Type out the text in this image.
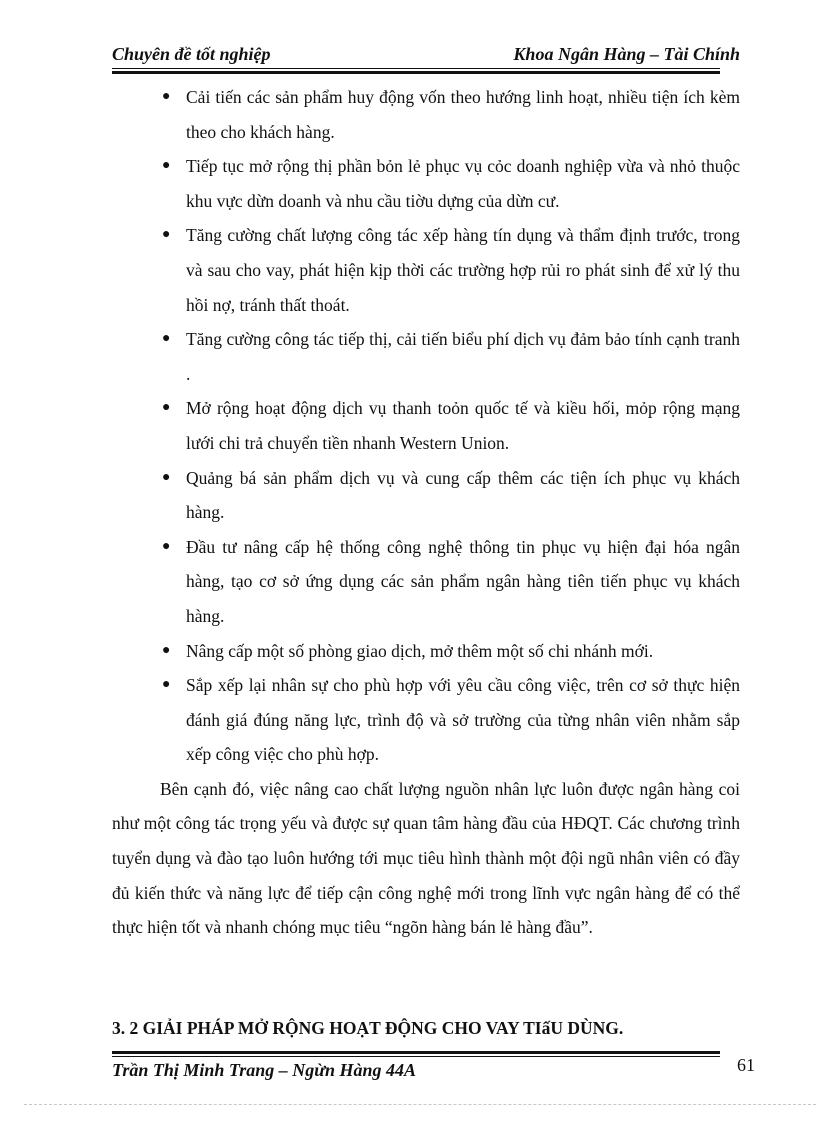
Chuyên đề tốt nghiệp	Khoa Ngân Hàng – Tài Chính
● Cải tiến các sản phẩm huy động vốn theo hướng linh hoạt, nhiều tiện ích kèm theo cho khách hàng.
● Tiếp tục mở rộng thị phần bỏn lẻ phục vụ cỏc doanh nghiệp vừa và nhỏ thuộc khu vực dừn doanh và nhu cầu tiờu dựng của dừn cư.
● Tăng cường chất lượng công tác xếp hàng tín dụng và thẩm định trước, trong và sau cho vay, phát hiện kịp thời các trường hợp rủi ro phát sinh để xử lý thu hồi nợ, tránh thất thoát.
● Tăng cường công tác tiếp thị, cải tiến biểu phí dịch vụ đảm bảo tính cạnh tranh .
● Mở rộng hoạt động dịch vụ thanh toỏn quốc tế và kiều hối, mỏp rộng mạng lưới chi trả chuyển tiền nhanh Western Union.
● Quảng bá sản phẩm dịch vụ và cung cấp thêm các tiện ích phục vụ khách hàng.
● Đầu tư nâng cấp hệ thống công nghệ thông tin phục vụ hiện đại hóa ngân hàng, tạo cơ sở ứng dụng các sản phẩm ngân hàng tiên tiến phục vụ khách hàng.
● Nâng cấp một số phòng giao dịch, mở thêm một số chi nhánh mới.
● Sắp xếp lại nhân sự cho phù hợp với yêu cầu công việc, trên cơ sở thực hiện đánh giá đúng năng lực, trình độ và sở trường của từng nhân viên nhằm sắp xếp công việc cho phù hợp.

Bên cạnh đó, việc nâng cao chất lượng nguồn nhân lực luôn được ngân hàng coi như một công tác trọng yếu và được sự quan tâm hàng đầu của HĐQT. Các chương trình tuyển dụng và đào tạo luôn hướng tới mục tiêu hình thành một đội ngũ nhân viên có đầy đủ kiến thức và năng lực để tiếp cận công nghệ mới trong lĩnh vực ngân hàng để có thể thực hiện tốt và nhanh chóng mục tiêu “ngõn hàng bán lẻ hàng đầu”.

3. 2 GIẢI PHÁP MỞ RỘNG HOẠT ĐỘNG CHO VAY TIấU DÙNG.
Trần Thị Minh Trang – Ngừn Hàng 44A	61
